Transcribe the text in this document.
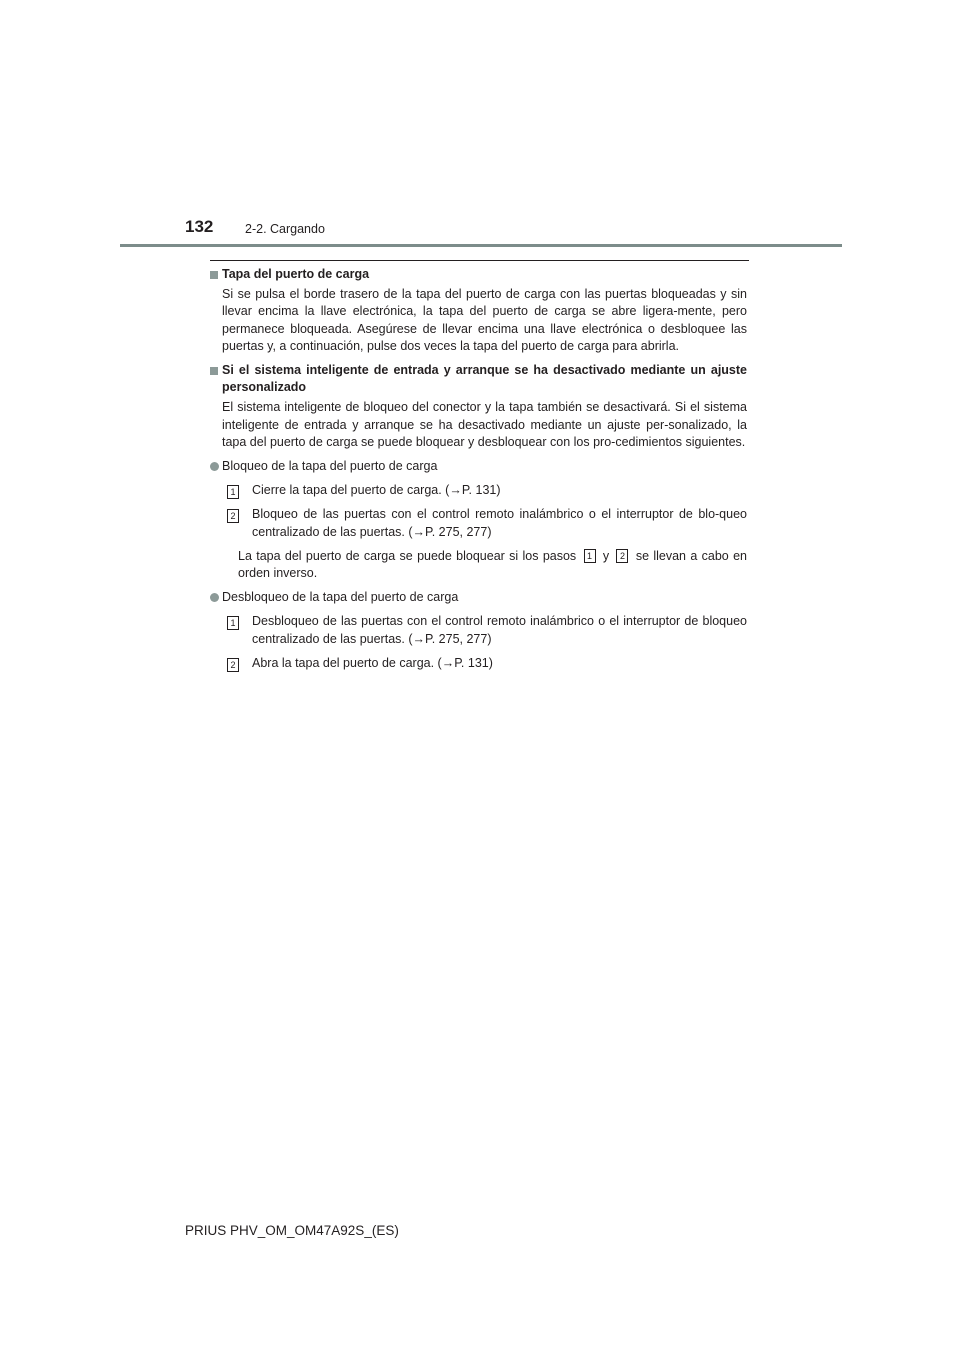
132	2-2. Cargando

Tapa del puerto de carga

Si se pulsa el borde trasero de la tapa del puerto de carga con las puertas bloqueadas y sin llevar encima la llave electrónica, la tapa del puerto de carga se abre ligera-mente, pero permanece bloqueada. Asegúrese de llevar encima una llave electrónica o desbloquee las puertas y, a continuación, pulse dos veces la tapa del puerto de carga para abrirla.

Si el sistema inteligente de entrada y arranque se ha desactivado mediante un ajuste personalizado

El sistema inteligente de bloqueo del conector y la tapa también se desactivará. Si el sistema inteligente de entrada y arranque se ha desactivado mediante un ajuste per-sonalizado, la tapa del puerto de carga se puede bloquear y desbloquear con los pro-cedimientos siguientes.

Bloqueo de la tapa del puerto de carga

1 Cierre la tapa del puerto de carga. (→P. 131)

2 Bloqueo de las puertas con el control remoto inalámbrico o el interruptor de blo-queo centralizado de las puertas. (→P. 275, 277)

La tapa del puerto de carga se puede bloquear si los pasos 1 y 2 se llevan a cabo en orden inverso.

Desbloqueo de la tapa del puerto de carga

1 Desbloqueo de las puertas con el control remoto inalámbrico o el interruptor de bloqueo centralizado de las puertas. (→P. 275, 277)

2 Abra la tapa del puerto de carga. (→P. 131)

PRIUS PHV_OM_OM47A92S_(ES)
